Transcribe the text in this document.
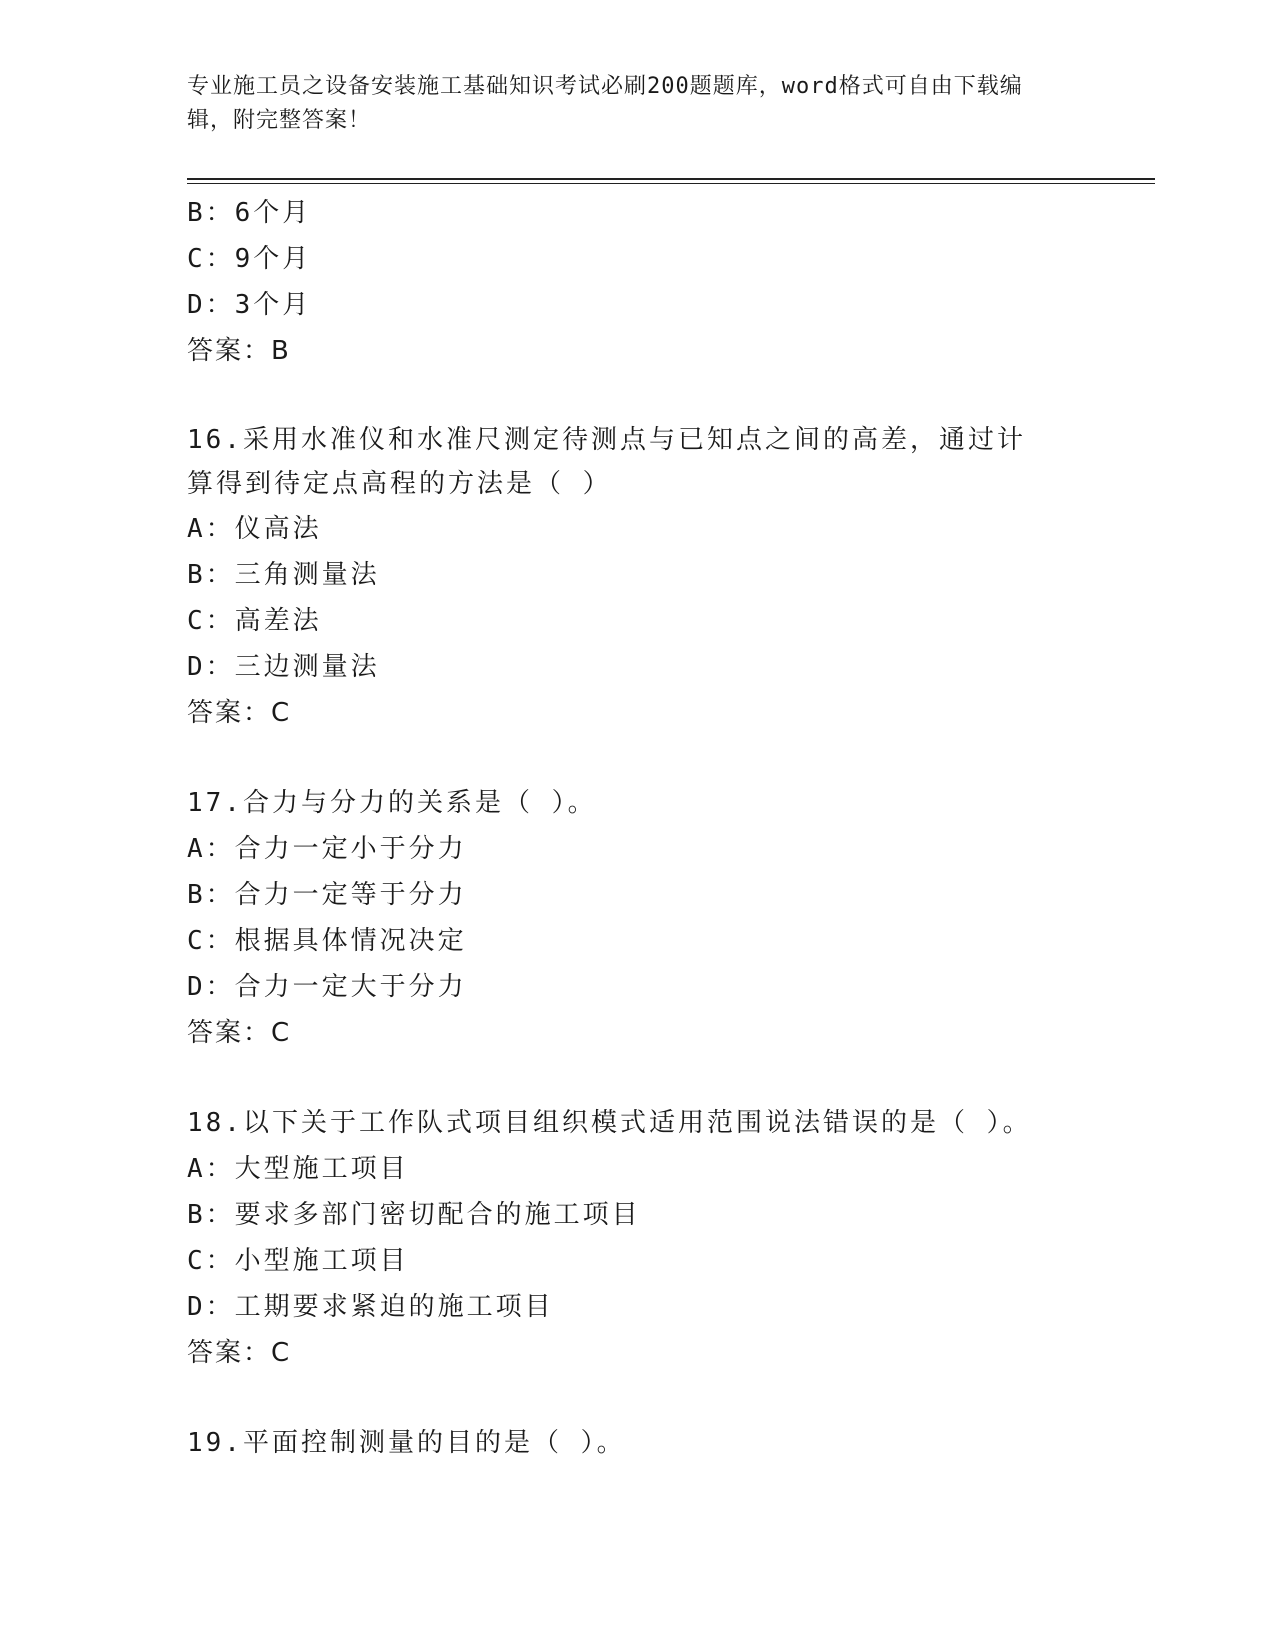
专业施工员之设备安装施工基础知识考试必刷200题题库，word格式可自由下载编辑，附完整答案！
B：6个月
C：9个月
D：3个月
答案：B
16.采用水准仪和水准尺测定待测点与已知点之间的高差，通过计算得到待定点高程的方法是（ ）
A：仪高法
B：三角测量法
C：高差法
D：三边测量法
答案：C
17.合力与分力的关系是（ ）。
A：合力一定小于分力
B：合力一定等于分力
C：根据具体情况决定
D：合力一定大于分力
答案：C
18.以下关于工作队式项目组织模式适用范围说法错误的是（ ）。
A：大型施工项目
B：要求多部门密切配合的施工项目
C：小型施工项目
D：工期要求紧迫的施工项目
答案：C
19.平面控制测量的目的是（ ）。
